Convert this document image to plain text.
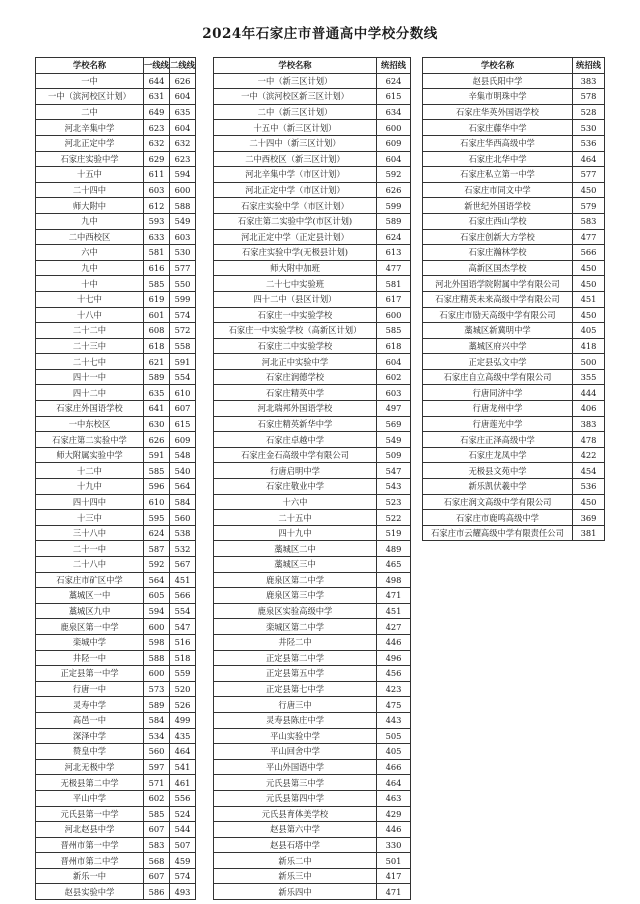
2024年石家庄市普通高中学校分数线
学校名称	一线线	二线线
一中	644	626
一中（滨河校区计划）	631	604
二中	649	635
河北辛集中学	623	604
河北正定中学	632	632
石家庄实验中学	629	623
十五中	611	594
二十四中	603	600
师大附中	612	588
九中	593	549
二中西校区	633	603
六中	581	530
九中	616	577
十中	585	550
十七中	619	599
十八中	601	574
二十二中	608	572
二十三中	618	558
二十七中	621	591
四十一中	589	554
四十二中	635	610
石家庄外国语学校	641	607
一中东校区	630	615
石家庄第二实验中学	626	609
师大附属实验中学	591	548
十二中	585	540
十九中	596	564
四十四中	610	584
十三中	595	560
三十八中	624	538
二十一中	587	532
二十八中	592	567
石家庄市矿区中学	564	451
藁城区一中	605	566
藁城区九中	594	554
鹿泉区第一中学	600	547
栾城中学	598	516
井陉一中	588	518
正定县第一中学	600	559
行唐一中	573	520
灵寿中学	589	526
高邑一中	584	499
深泽中学	534	435
赞皇中学	560	464
河北无极中学	597	541
无极县第二中学	571	461
平山中学	602	556
元氏县第一中学	585	524
河北赵县中学	607	544
晋州市第一中学	583	507
晋州市第二中学	568	459
新乐一中	607	574
赵县实验中学	586	493
学校名称	统招线
一中（新三区计划）	624
一中（滨河校区新三区计划）	615
二中（新三区计划）	634
十五中（新三区计划）	600
二十四中（新三区计划）	609
二中西校区（新三区计划）	604
河北辛集中学（市区计划）	592
河北正定中学（市区计划）	626
石家庄实验中学（市区计划）	599
石家庄第二实验中学(市区计划)	589
河北正定中学（正定县计划）	624
石家庄实验中学(无极县计划)	613
师大附中加班	477
二十七中实验班	581
四十二中（县区计划）	617
石家庄一中实验学校	600
石家庄一中实验学校（高新区计划）	585
石家庄二中实验学校	618
河北正中实验中学	604
石家庄润德学校	602
石家庄精英中学	603
河北瑞邦外国语学校	497
石家庄精英新华中学	569
石家庄卓越中学	549
石家庄金石高级中学有限公司	509
行唐启明中学	547
石家庄敬业中学	543
十六中	523
二十五中	522
四十九中	519
藁城区二中	489
藁城区三中	465
鹿泉区第二中学	498
鹿泉区第三中学	471
鹿泉区实验高级中学	451
栾城区第二中学	427
井陉二中	446
正定县第二中学	496
正定县第五中学	456
正定县第七中学	423
行唐三中	475
灵寿县陈庄中学	443
平山实验中学	505
平山回舍中学	405
平山外国语中学	466
元氏县第三中学	464
元氏县第四中学	463
元氏县育体美学校	429
赵县第六中学	446
赵县石塔中学	330
新乐二中	501
新乐三中	417
新乐四中	471
学校名称	统招线
赵县氏阳中学	383
辛集市明珠中学	578
石家庄华英外国语学校	528
石家庄藤华中学	530
石家庄华西高级中学	536
石家庄北华中学	464
石家庄私立第一中学	577
石家庄市同文中学	450
新世纪外国语学校	579
石家庄西山学校	583
石家庄创新大方学校	477
石家庄瀚林学校	566
高新区国杰学校	450
河北外国语学院附属中学有限公司	450
石家庄精英未来高级中学有限公司	451
石家庄市励天高级中学有限公司	450
藁城区新冀明中学	405
藁城区府兴中学	418
正定县弘文中学	500
石家庄自立高级中学有限公司	355
行唐同济中学	444
行唐龙州中学	406
行唐莲光中学	383
石家庄正泽高级中学	478
石家庄龙凤中学	422
无极县文苑中学	454
新乐凯伏羲中学	536
石家庄润文高级中学有限公司	450
石家庄市鹿鸣高级中学	369
石家庄市云耀高级中学有限责任公司	381
